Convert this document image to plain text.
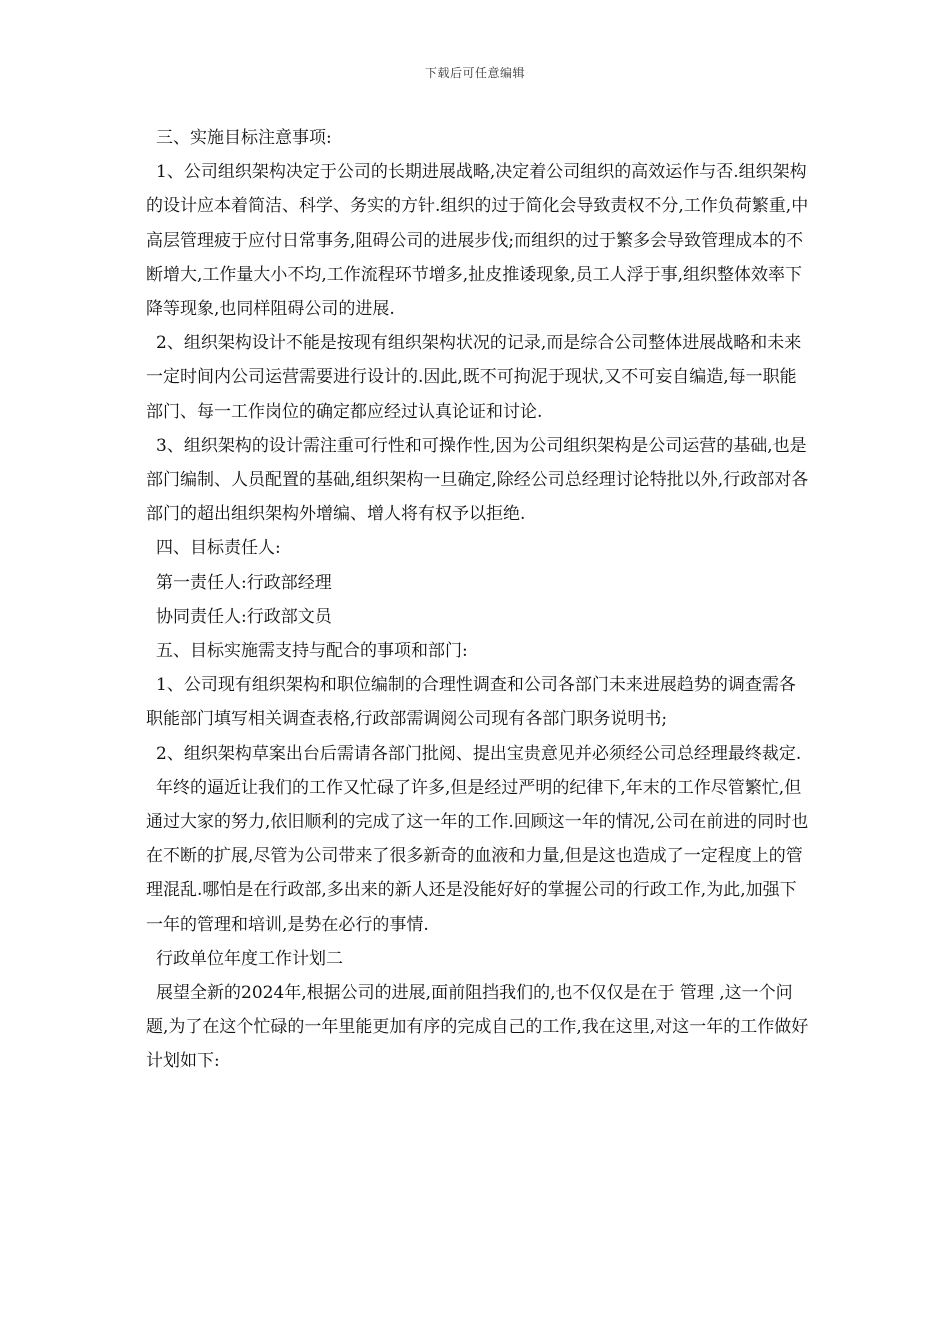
下载后可任意编辑

三、实施目标注意事项:

1、公司组织架构决定于公司的长期进展战略,决定着公司组织的高效运作与否.组织架构的设计应本着简洁、科学、务实的方针.组织的过于简化会导致责权不分,工作负荷繁重,中高层管理疲于应付日常事务,阻碍公司的进展步伐;而组织的过于繁多会导致管理成本的不断增大,工作量大小不均,工作流程环节增多,扯皮推诿现象,员工人浮于事,组织整体效率下降等现象,也同样阻碍公司的进展.

2、组织架构设计不能是按现有组织架构状况的记录,而是综合公司整体进展战略和未来一定时间内公司运营需要进行设计的.因此,既不可拘泥于现状,又不可妄自编造,每一职能部门、每一工作岗位的确定都应经过认真论证和讨论.

3、组织架构的设计需注重可行性和可操作性,因为公司组织架构是公司运营的基础,也是部门编制、人员配置的基础,组织架构一旦确定,除经公司总经理讨论特批以外,行政部对各部门的超出组织架构外增编、增人将有权予以拒绝.

四、目标责任人:

第一责任人:行政部经理

协同责任人:行政部文员

五、目标实施需支持与配合的事项和部门:

1、公司现有组织架构和职位编制的合理性调查和公司各部门未来进展趋势的调查需各职能部门填写相关调查表格,行政部需调阅公司现有各部门职务说明书;

2、组织架构草案出台后需请各部门批阅、提出宝贵意见并必须经公司总经理最终裁定.

年终的逼近让我们的工作又忙碌了许多,但是经过严明的纪律下,年末的工作尽管繁忙,但通过大家的努力,依旧顺利的完成了这一年的工作.回顾这一年的情况,公司在前进的同时也在不断的扩展,尽管为公司带来了很多新奇的血液和力量,但是这也造成了一定程度上的管理混乱.哪怕是在行政部,多出来的新人还是没能好好的掌握公司的行政工作,为此,加强下一年的管理和培训,是势在必行的事情.

行政单位年度工作计划二

展望全新的2024年,根据公司的进展,面前阻挡我们的,也不仅仅是在于 管理 ,这一个问题,为了在这个忙碌的一年里能更加有序的完成自己的工作,我在这里,对这一年的工作做好计划如下:
